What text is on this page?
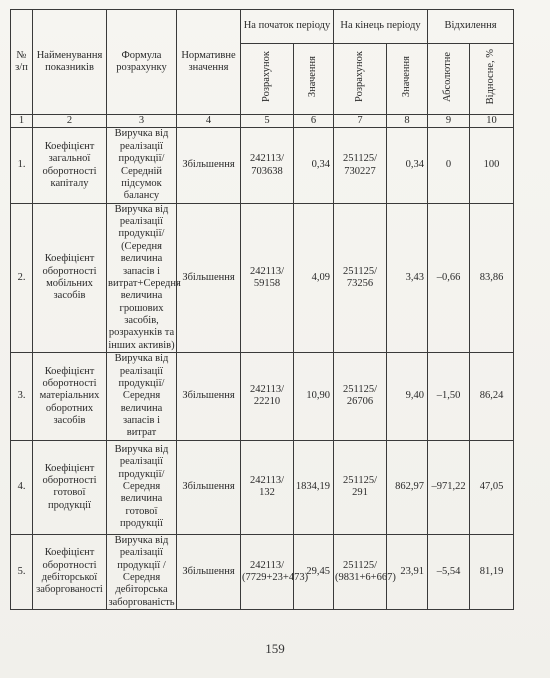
№ з/п	Найменування показників	Формула розрахунку	Нормативне значення	На початок періоду		На кінець періоду		Відхилення	
				Розрахунок	Значення	Розрахунок	Значення	Абсолютне	Відносне, %
1	2	3	4	5	6	7	8	9	10
1.	Коефіцієнт загальної оборотності капіталу	Виручка від реалізації продукції/ Середній підсумок балансу	Збільшення	242113/ 703638	0,34	251125/ 730227	0,34	0	100
2.	Коефіцієнт оборотності мобільних засобів	Виручка від реалізації продукції/ (Середня величина запасів і витрат+Середня величина грошових засобів, розрахунків та інших активів)	Збільшення	242113/ 59158	4,09	251125/ 73256	3,43	–0,66	83,86
3.	Коефіцієнт оборотності матеріальних оборотних засобів	Виручка від реалізації продукції/ Середня величина запасів і витрат	Збільшення	242113/ 22210	10,90	251125/ 26706	9,40	–1,50	86,24
4.	Коефіцієнт оборотності готової продукції	Виручка від реалізації продукції/ Середня величина готової продукції	Збільшення	242113/ 132	1834,19	251125/ 291	862,97	–971,22	47,05
5.	Коефіцієнт оборотності дебіторської заборгованості	Виручка від реалізації продукції / Середня дебіторська заборгованість	Збільшення	242113/ (7729+23+473)	29,45	251125/ (9831+6+667)	23,91	–5,54	81,19
159
